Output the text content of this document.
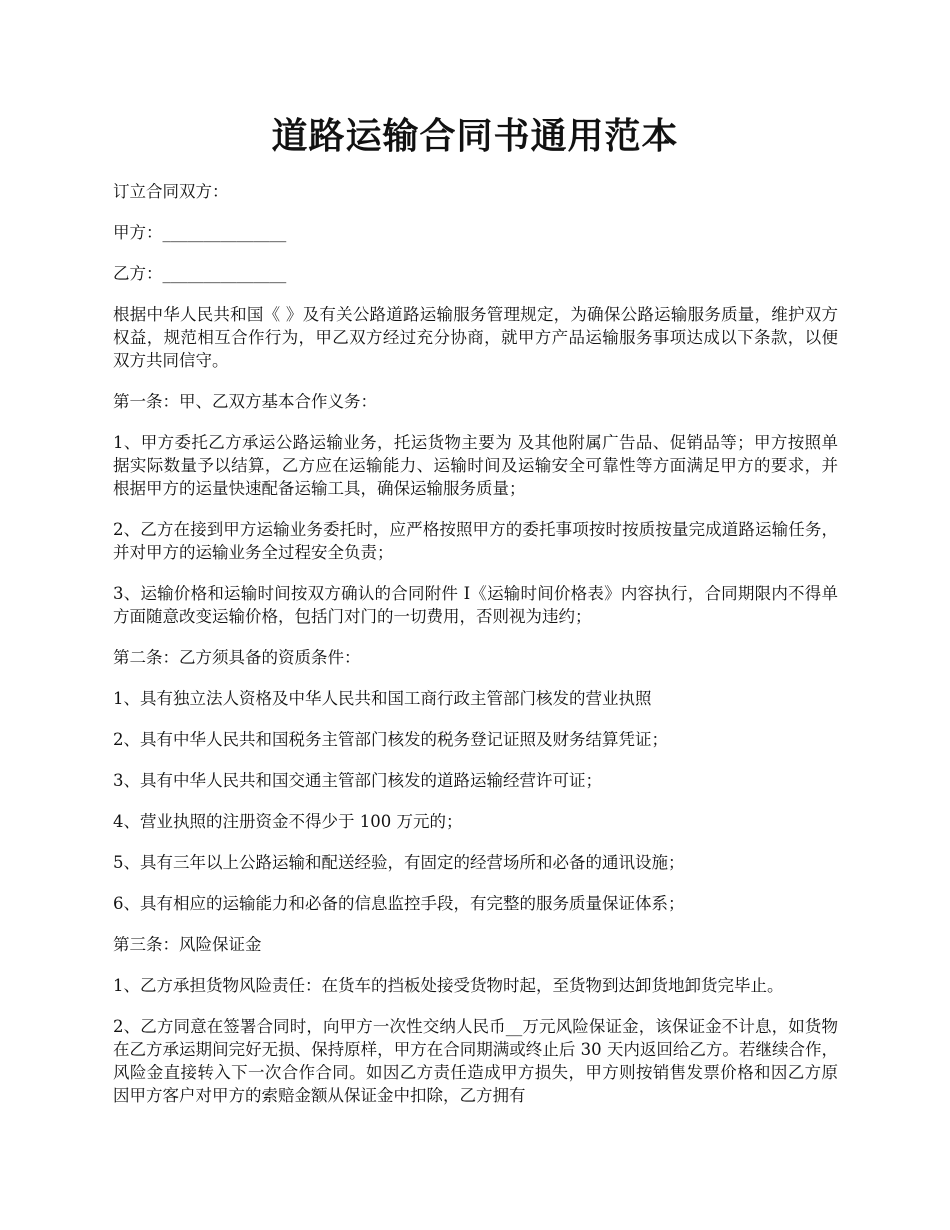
道路运输合同书通用范本

订立合同双方：

甲方：_______________

乙方：_______________

根据中华人民共和国《 》及有关公路道路运输服务管理规定，为确保公路运输服务质量，维护双方权益，规范相互合作行为，甲乙双方经过充分协商，就甲方产品运输服务事项达成以下条款，以便双方共同信守。

第一条：甲、乙双方基本合作义务：

1、甲方委托乙方承运公路运输业务，托运货物主要为 及其他附属广告品、促销品等；甲方按照单据实际数量予以结算，乙方应在运输能力、运输时间及运输安全可靠性等方面满足甲方的要求，并根据甲方的运量快速配备运输工具，确保运输服务质量；

2、乙方在接到甲方运输业务委托时，应严格按照甲方的委托事项按时按质按量完成道路运输任务，并对甲方的运输业务全过程安全负责；

3、运输价格和运输时间按双方确认的合同附件 I《运输时间价格表》内容执行，合同期限内不得单方面随意改变运输价格，包括门对门的一切费用，否则视为违约；

第二条：乙方须具备的资质条件：

1、具有独立法人资格及中华人民共和国工商行政主管部门核发的营业执照

2、具有中华人民共和国税务主管部门核发的税务登记证照及财务结算凭证；

3、具有中华人民共和国交通主管部门核发的道路运输经营许可证；

4、营业执照的注册资金不得少于 100 万元的；

5、具有三年以上公路运输和配送经验，有固定的经营场所和必备的通讯设施；

6、具有相应的运输能力和必备的信息监控手段，有完整的服务质量保证体系；

第三条：风险保证金

1、乙方承担货物风险责任：在货车的挡板处接受货物时起，至货物到达卸货地卸货完毕止。

2、乙方同意在签署合同时，向甲方一次性交纳人民币__万元风险保证金，该保证金不计息，如货物在乙方承运期间完好无损、保持原样，甲方在合同期满或终止后 30 天内返回给乙方。若继续合作，风险金直接转入下一次合作合同。如因乙方责任造成甲方损失，甲方则按销售发票价格和因乙方原因甲方客户对甲方的索赔金额从保证金中扣除，乙方拥有
